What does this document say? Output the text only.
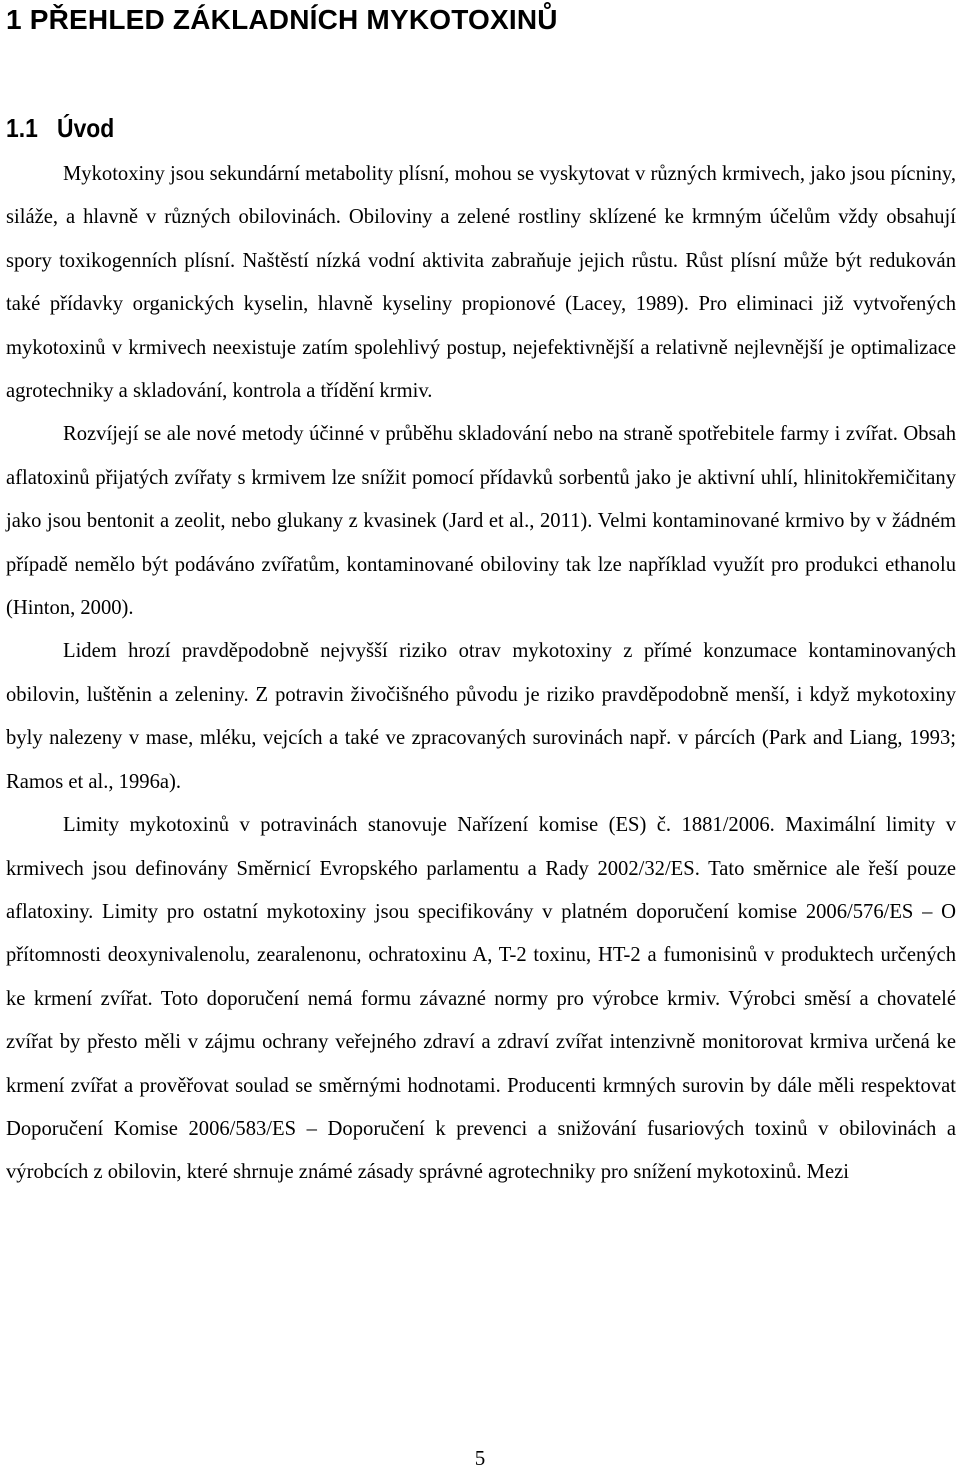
1 PŘEHLED ZÁKLADNÍCH MYKOTOXINŮ
1.1 Úvod

Mykotoxiny jsou sekundární metabolity plísní, mohou se vyskytovat v různých krmivech, jako jsou pícniny, siláže, a hlavně v různých obilovinách. Obiloviny a zelené rostliny sklízené ke krmným účelům vždy obsahují spory toxikogenních plísní. Naštěstí nízká vodní aktivita zabraňuje jejich růstu. Růst plísní může být redukován také přídavky organických kyselin, hlavně kyseliny propionové (Lacey, 1989). Pro eliminaci již vytvořených mykotoxinů v krmivech neexistuje zatím spolehlivý postup, nejefektivnější a relativně nejlevnější je optimalizace agrotechniky a skladování, kontrola a třídění krmiv.

Rozvíjejí se ale nové metody účinné v průběhu skladování nebo na straně spotřebitele farmy i zvířat. Obsah aflatoxinů přijatých zvířaty s krmivem lze snížit pomocí přídavků sorbentů jako je aktivní uhlí, hlinitokřemičitany jako jsou bentonit a zeolit, nebo glukany z kvasinek (Jard et al., 2011). Velmi kontaminované krmivo by v žádném případě nemělo být podáváno zvířatům, kontaminované obiloviny tak lze například využít pro produkci ethanolu (Hinton, 2000).

Lidem hrozí pravděpodobně nejvyšší riziko otrav mykotoxiny z přímé konzumace kontaminovaných obilovin, luštěnin a zeleniny. Z potravin živočišného původu je riziko pravděpodobně menší, i když mykotoxiny byly nalezeny v mase, mléku, vejcích a také ve zpracovaných surovinách např. v párcích (Park and Liang, 1993; Ramos et al., 1996a).

Limity mykotoxinů v potravinách stanovuje Nařízení komise (ES) č. 1881/2006. Maximální limity v krmivech jsou definovány Směrnicí Evropského parlamentu a Rady 2002/32/ES. Tato směrnice ale řeší pouze aflatoxiny. Limity pro ostatní mykotoxiny jsou specifikovány v platném doporučení komise 2006/576/ES – O přítomnosti deoxynivalenolu, zearalenonu, ochratoxinu A, T-2 toxinu, HT-2 a fumonisinů v produktech určených ke krmení zvířat. Toto doporučení nemá formu závazné normy pro výrobce krmiv. Výrobci směsí a chovatelé zvířat by přesto měli v zájmu ochrany veřejného zdraví a zdraví zvířat intenzivně monitorovat krmiva určená ke krmení zvířat a prověřovat soulad se směrnými hodnotami. Producenti krmných surovin by dále měli respektovat Doporučení Komise 2006/583/ES – Doporučení k prevenci a snižování fusariových toxinů v obilovinách a výrobcích z obilovin, které shrnuje známé zásady správné agrotechniky pro snížení mykotoxinů. Mezi

5
